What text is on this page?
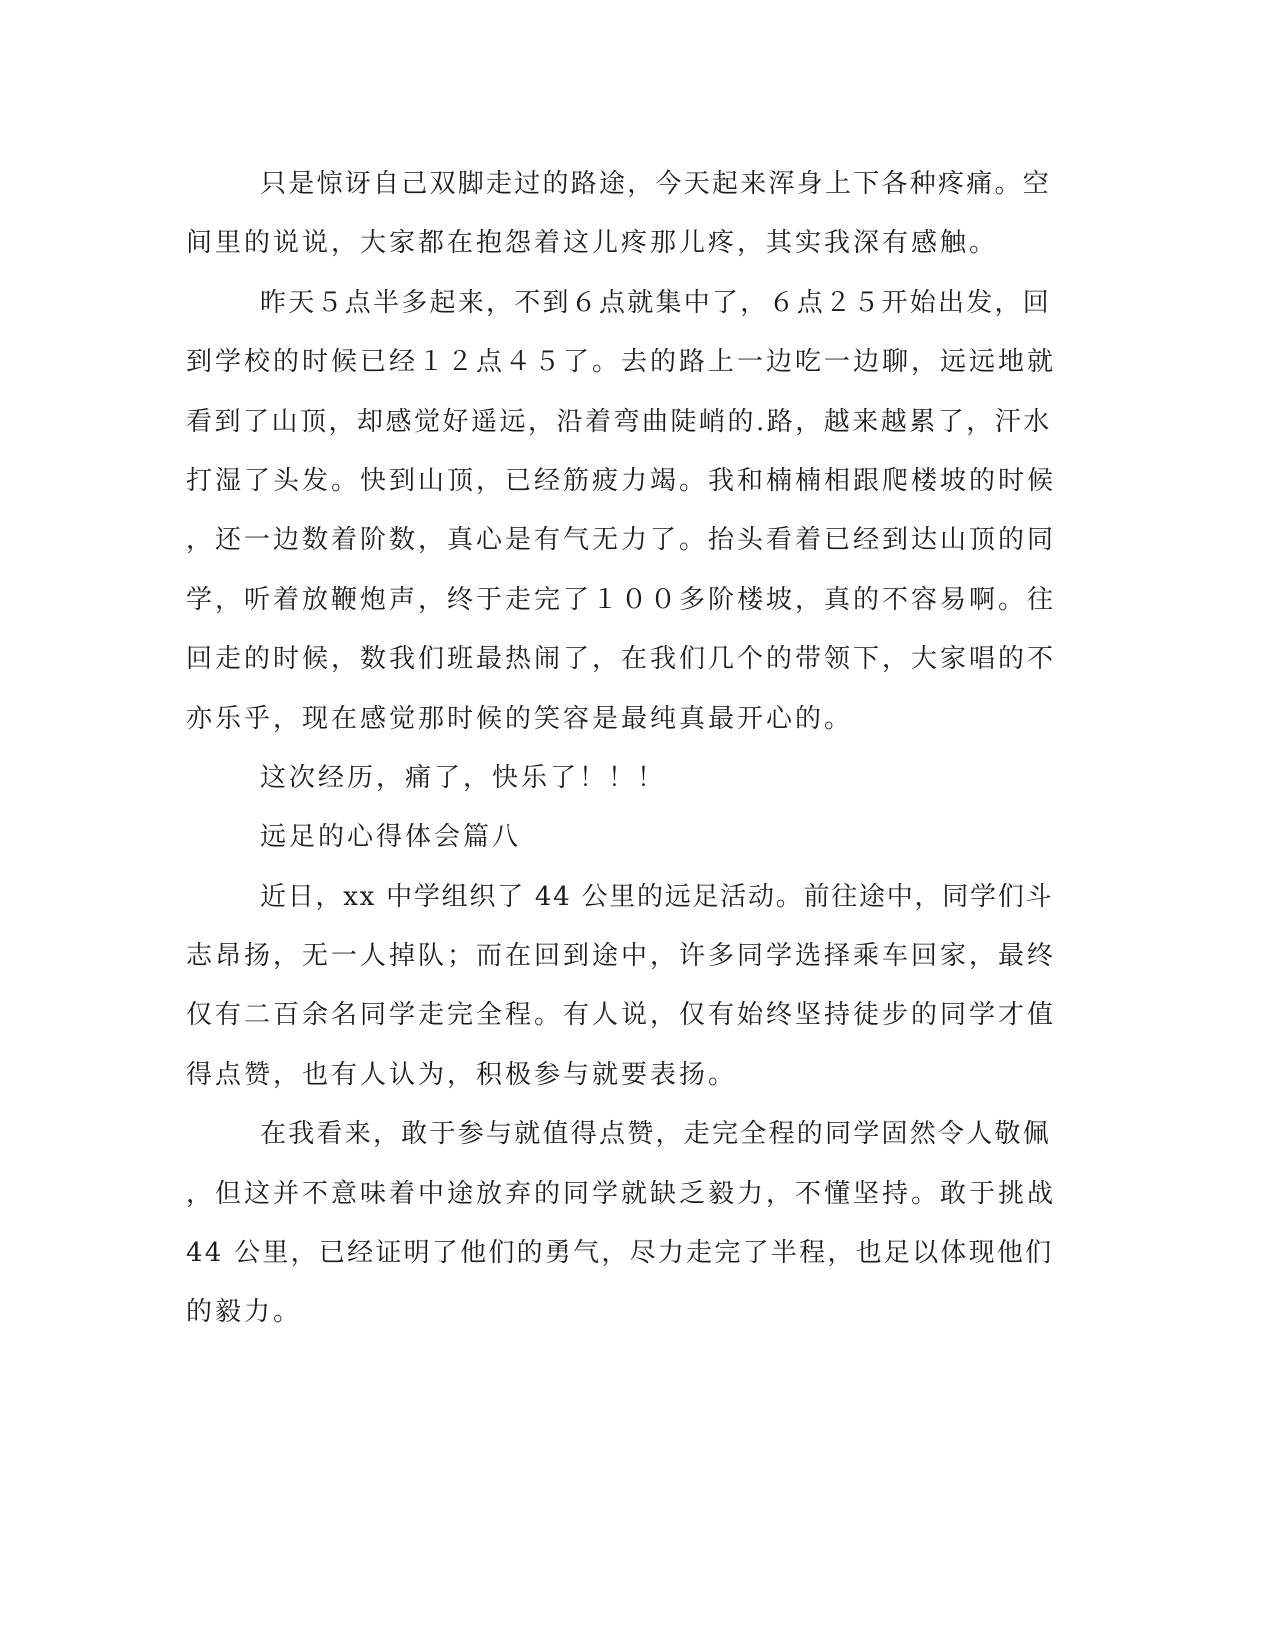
只是惊讶自己双脚走过的路途，今天起来浑身上下各种疼痛。空
间里的说说，大家都在抱怨着这儿疼那儿疼，其实我深有感触。
昨天５点半多起来，不到６点就集中了，６点２５开始出发，回
到学校的时候已经１２点４５了。去的路上一边吃一边聊，远远地就
看到了山顶，却感觉好遥远，沿着弯曲陡峭的.路，越来越累了，汗水
打湿了头发。快到山顶，已经筋疲力竭。我和楠楠相跟爬楼坡的时候
，还一边数着阶数，真心是有气无力了。抬头看着已经到达山顶的同
学，听着放鞭炮声，终于走完了１００多阶楼坡，真的不容易啊。往
回走的时候，数我们班最热闹了，在我们几个的带领下，大家唱的不
亦乐乎，现在感觉那时候的笑容是最纯真最开心的。
这次经历，痛了，快乐了！！！
远足的心得体会篇八
近日，xx 中学组织了 44 公里的远足活动。前往途中，同学们斗
志昂扬，无一人掉队；而在回到途中，许多同学选择乘车回家，最终
仅有二百余名同学走完全程。有人说，仅有始终坚持徒步的同学才值
得点赞，也有人认为，积极参与就要表扬。
在我看来，敢于参与就值得点赞，走完全程的同学固然令人敬佩
，但这并不意味着中途放弃的同学就缺乏毅力，不懂坚持。敢于挑战
44 公里，已经证明了他们的勇气，尽力走完了半程，也足以体现他们
的毅力。
